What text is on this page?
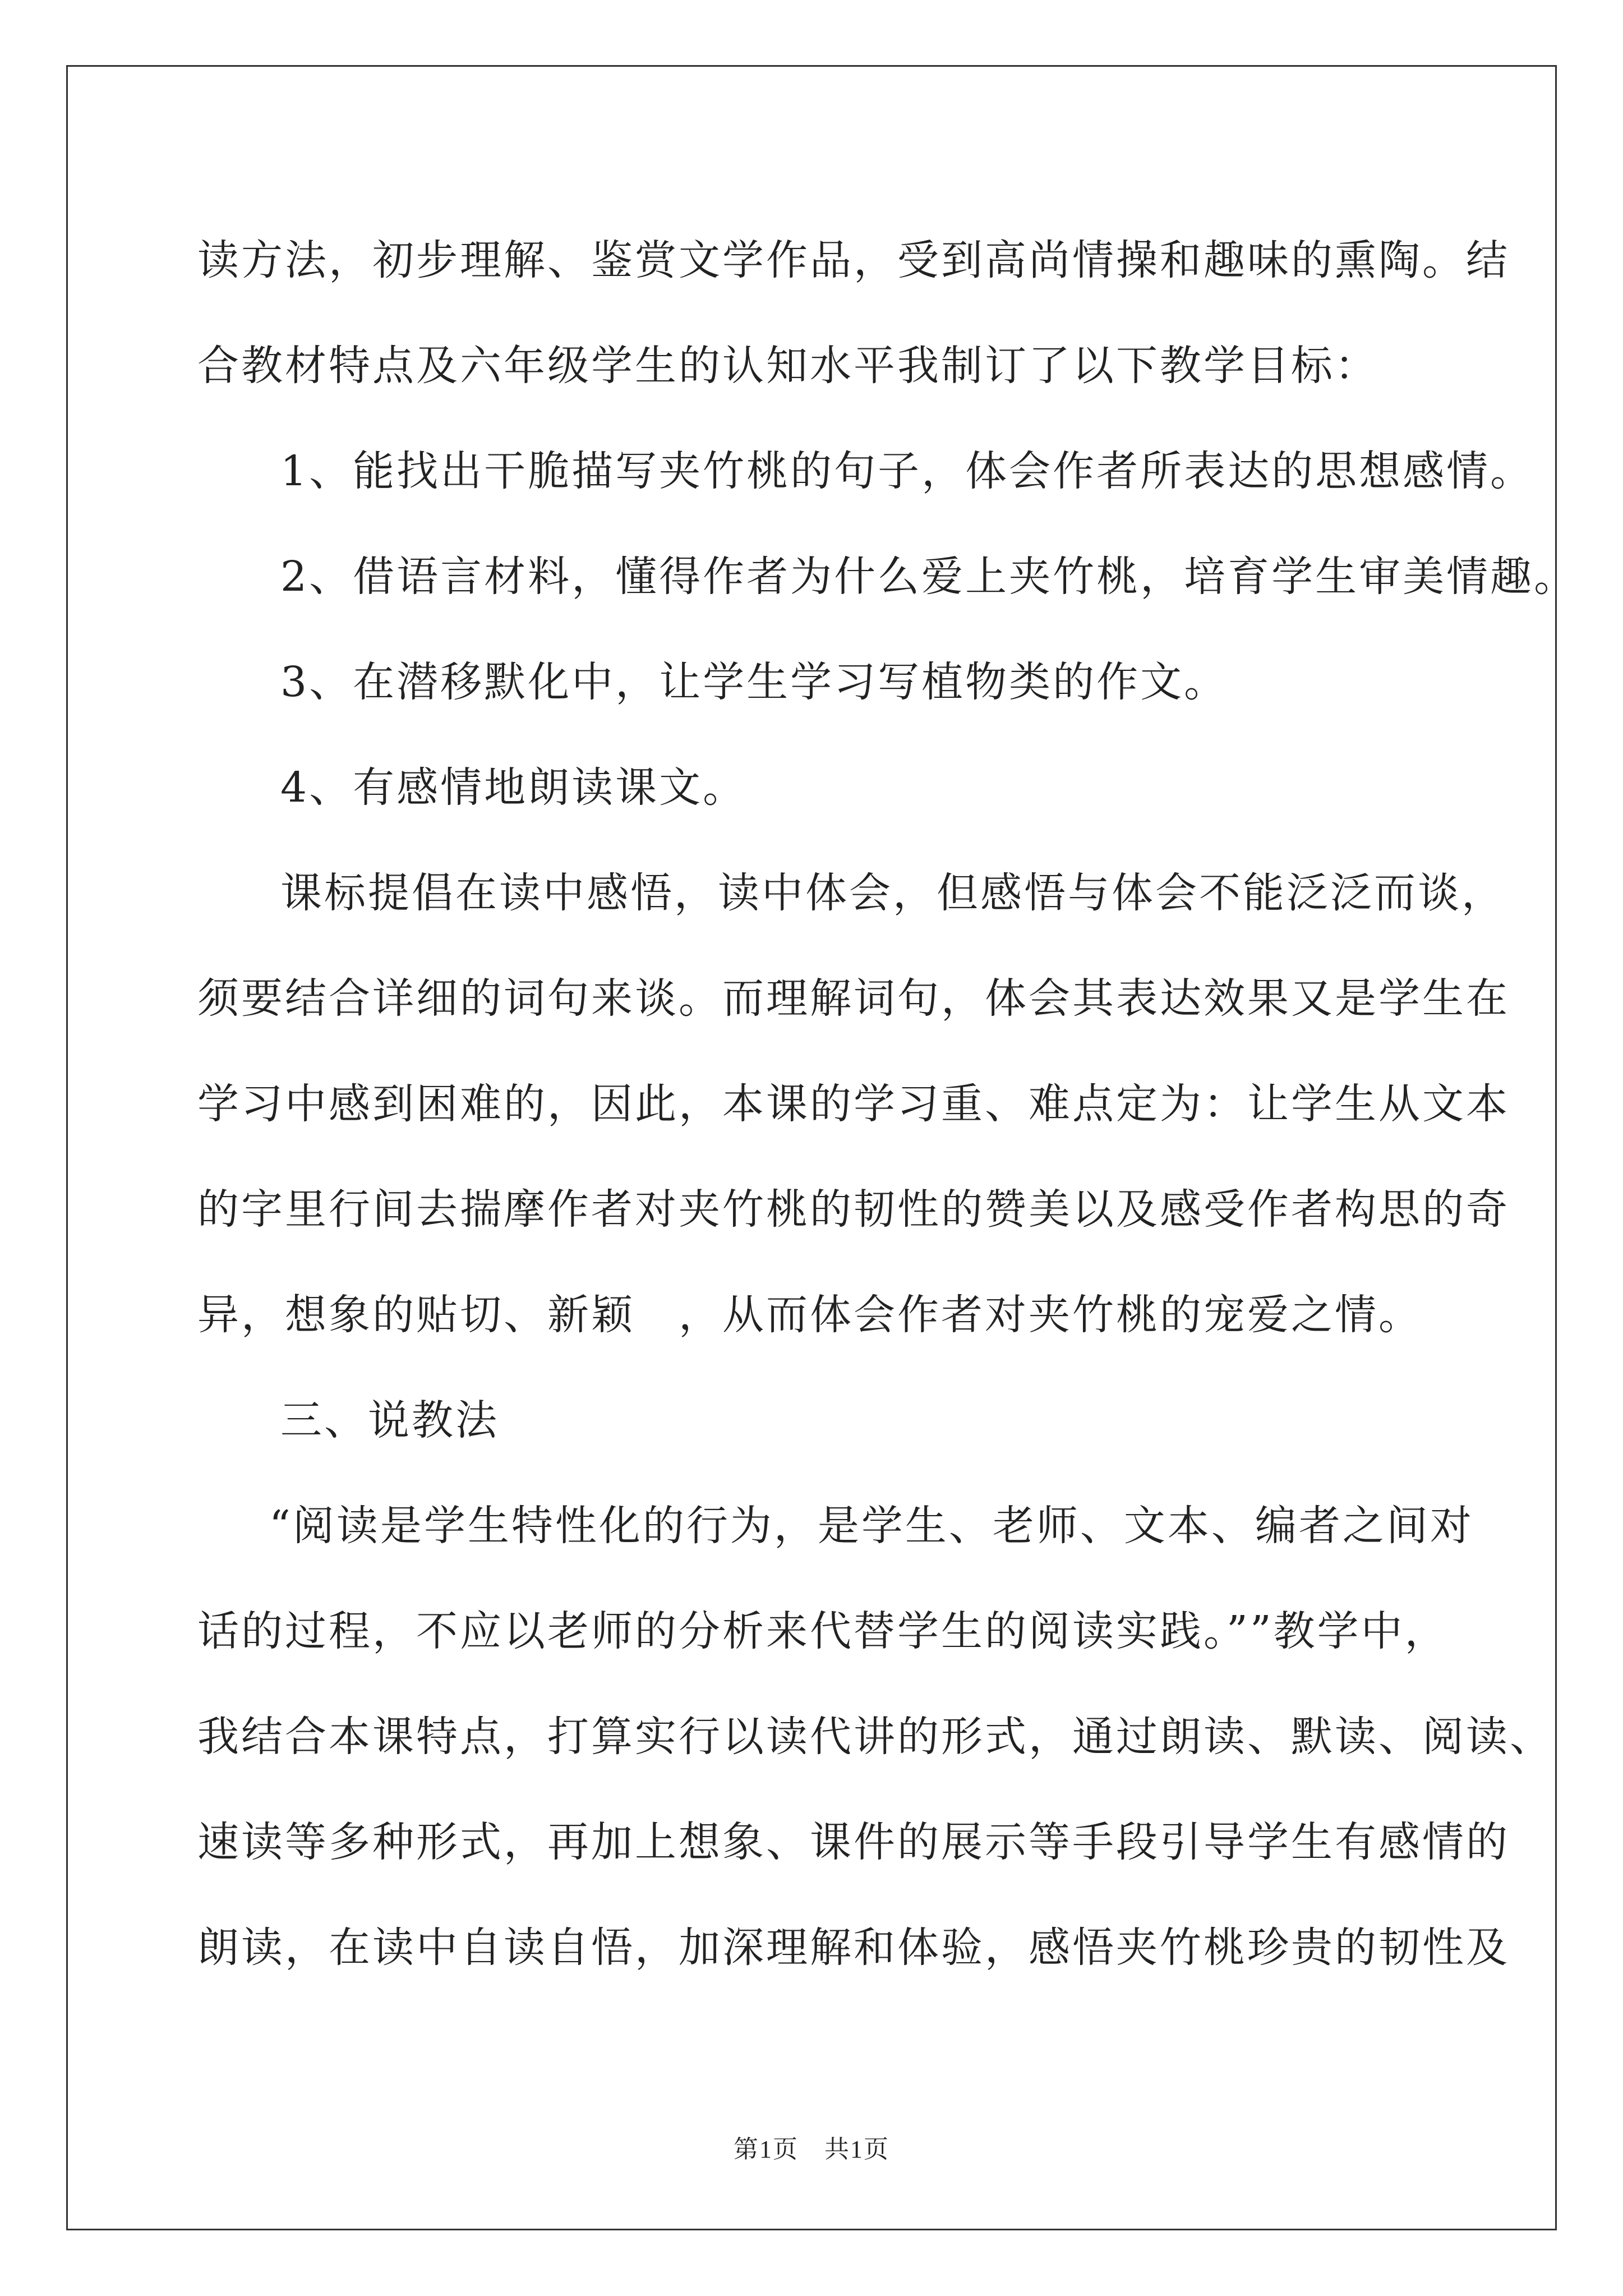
读方法，初步理解、鉴赏文学作品，受到高尚情操和趣味的熏陶。结
合教材特点及六年级学生的认知水平我制订了以下教学目标：
1、能找出干脆描写夹竹桃的句子，体会作者所表达的思想感情。
2、借语言材料，懂得作者为什么爱上夹竹桃，培育学生审美情趣。
3、在潜移默化中，让学生学习写植物类的作文。
4、有感情地朗读课文。
课标提倡在读中感悟，读中体会，但感悟与体会不能泛泛而谈，
须要结合详细的词句来谈。而理解词句，体会其表达效果又是学生在
学习中感到困难的，因此，本课的学习重、难点定为：让学生从文本
的字里行间去揣摩作者对夹竹桃的韧性的赞美以及感受作者构思的奇
异，想象的贴切、新颖　，从而体会作者对夹竹桃的宠爱之情。
三、说教法
“阅读是学生特性化的行为，是学生、老师、文本、编者之间对
话的过程，不应以老师的分析来代替学生的阅读实践。””教学中，
我结合本课特点，打算实行以读代讲的形式，通过朗读、默读、阅读、
速读等多种形式，再加上想象、课件的展示等手段引导学生有感情的
朗读，在读中自读自悟，加深理解和体验，感悟夹竹桃珍贵的韧性及
第1页　共1页
